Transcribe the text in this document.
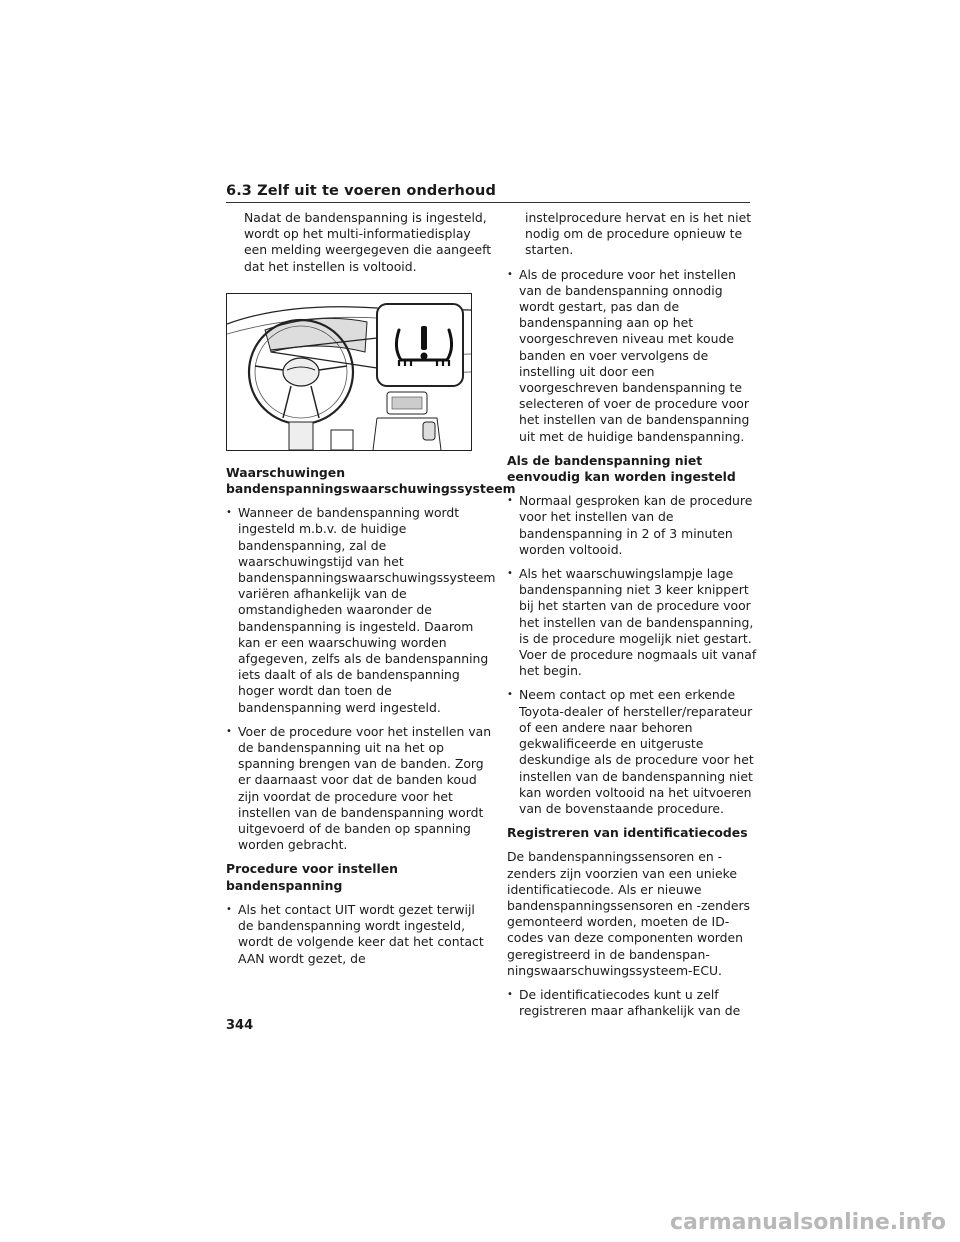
6.3 Zelf uit te voeren onderhoud

Nadat de bandenspanning is ingesteld, wordt op het multi-informatiedisplay een melding weergegeven die aangeeft dat het instellen is voltooid.

Waarschuwingen bandenspanningswaarschuwingssysteem
• Wanneer de bandenspanning wordt ingesteld m.b.v. de huidige bandenspanning, zal de waarschuwingstijd van het bandenspanningswaarschuwingssysteem variëren afhankelijk van de omstandigheden waaronder de bandenspanning is ingesteld. Daarom kan er een waarschuwing worden afgegeven, zelfs als de bandenspanning iets daalt of als de bandenspanning hoger wordt dan toen de bandenspanning werd ingesteld.
• Voer de procedure voor het instellen van de bandenspanning uit na het op spanning brengen van de banden. Zorg er daarnaast voor dat de banden koud zijn voordat de procedure voor het instellen van de bandenspanning wordt uitgevoerd of de banden op spanning worden gebracht.
Procedure voor instellen bandenspanning
• Als het contact UIT wordt gezet terwijl de bandenspanning wordt ingesteld, wordt de volgende keer dat het contact AAN wordt gezet, de

instelprocedure hervat en is het niet nodig om de procedure opnieuw te starten.

• Als de procedure voor het instellen van de bandenspanning onnodig wordt gestart, pas dan de bandenspanning aan op het voorgeschreven niveau met koude banden en voer vervolgens de instelling uit door een voorgeschreven bandenspanning te selecteren of voer de procedure voor het instellen van de bandenspanning uit met de huidige bandenspanning.
Als de bandenspanning niet eenvoudig kan worden ingesteld
• Normaal gesproken kan de procedure voor het instellen van de bandenspanning in 2 of 3 minuten worden voltooid.
• Als het waarschuwingslampje lage bandenspanning niet 3 keer knippert bij het starten van de procedure voor het instellen van de bandenspanning, is de procedure mogelijk niet gestart. Voer de procedure nogmaals uit vanaf het begin.
• Neem contact op met een erkende Toyota-dealer of hersteller/reparateur of een andere naar behoren gekwalificeerde en uitgeruste deskundige als de procedure voor het instellen van de bandenspanning niet kan worden voltooid na het uitvoeren van de bovenstaande procedure.
Registreren van identificatiecodes

De bandenspanningssensoren en -zenders zijn voorzien van een unieke identificatiecode. Als er nieuwe bandenspanningssensoren en -zenders gemonteerd worden, moeten de ID-codes van deze componenten worden geregistreerd in de bandenspan- ningswaarschuwingssysteem-ECU.

• De identificatiecodes kunt u zelf registreren maar afhankelijk van de
344
carmanualsonline.info
